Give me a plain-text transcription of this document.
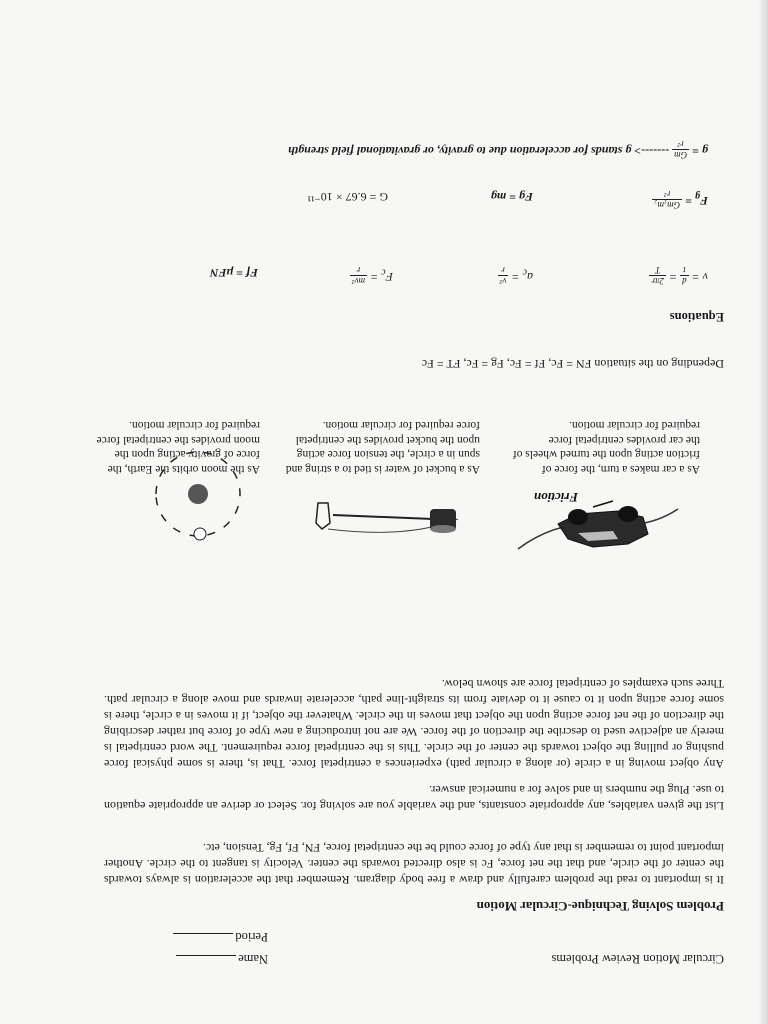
Circular Motion Review Problems
Name
Period
Problem Solving Technique-Circular Motion
It is important to read the problem carefully and draw a free body diagram. Remember that the acceleration is always towards the center of the circle, and that the net force, Fc is also directed towards the center. Velocity is tangent to the circle. Another important point to remember is that any type of force could be the centripetal force, FN, Ff, Fg, Tension, etc.
List the given variables, any appropriate constants, and the variable you are solving for. Select or derive an appropriate equation to use. Plug the numbers in and solve for a numerical answer.
Any object moving in a circle (or along a circular path) experiences a centripetal force. That is, there is some physical force pushing or pulling the object towards the center of the circle. This is the centripetal force requirement. The word centripetal is merely an adjective used to describe the direction of the force. We are not introducing a new type of force but rather describing the direction of the net force acting upon the object that moves in the circle. Whatever the object, if it moves in a circle, there is some force acting upon it to cause it to deviate from its straight-line path, accelerate inwards and move along a circular path. Three such examples of centripetal force are shown below.
Friction
As a car makes a turn, the force of friction acting upon the turned wheels of the car provides centripetal force required for circular motion.
As a bucket of water is tied to a string and spun in a circle, the tension force acting upon the bucket provides the centripetal force required for circular motion.
As the moon orbits the Earth, the force of gravity acting upon the moon provides the centripetal force required for circular motion.
Depending on the situation FN = Fc, Ff = Fc, Fg = Fc, FT = Fc
Equations
v =
d
t
=
2πr
T
$a_c$ =
v²
r
$F_c$ =
mv²
r
Ff = μFN
$F_g$ =
Gm₁m₂
r²
Fg = mg
G = 6.67 × 10⁻¹¹
g =
Gm
r²
-------> g stands for acceleration due to gravity, or gravitational field strength
